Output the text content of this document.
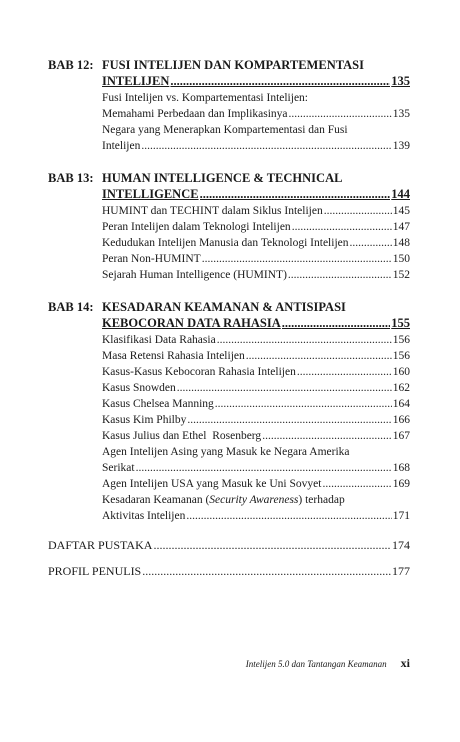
BAB 12: FUSI INTELIJEN DAN KOMPARTEMENTASI
INTELIJEN .....	135
Fusi Intelijen vs. Kompartementasi Intelijen:
Memahami Perbedaan dan Implikasinya .....	135
Negara yang Menerapkan Kompartementasi dan Fusi
Intelijen .....	139
BAB 13: HUMAN INTELLIGENCE & TECHNICAL
INTELLIGENCE .....	144
HUMINT dan TECHINT dalam Siklus Intelijen .....	145
Peran Intelijen dalam Teknologi Intelijen .....	147
Kedudukan Intelijen Manusia dan Teknologi Intelijen .....	148
Peran Non-HUMINT .....	150
Sejarah Human Intelligence (HUMINT) .....	152
BAB 14: KESADARAN KEAMANAN & ANTISIPASI
KEBOCORAN DATA RAHASIA .....	155
Klasifikasi Data Rahasia .....	156
Masa Retensi Rahasia Intelijen .....	156
Kasus-Kasus Kebocoran Rahasia Intelijen .....	160
Kasus Snowden .....	162
Kasus Chelsea Manning .....	164
Kasus Kim Philby .....	166
Kasus Julius dan Ethel  Rosenberg .....	167
Agen Intelijen Asing yang Masuk ke Negara Amerika
Serikat .....	168
Agen Intelijen USA yang Masuk ke Uni Sovyet .....	169
Kesadaran Keamanan (Security Awareness) terhadap
Aktivitas Intelijen .....	171
DAFTAR PUSTAKA .....	174
PROFIL PENULIS .....	177
Intelijen 5.0 dan Tantangan Keamanan xi
